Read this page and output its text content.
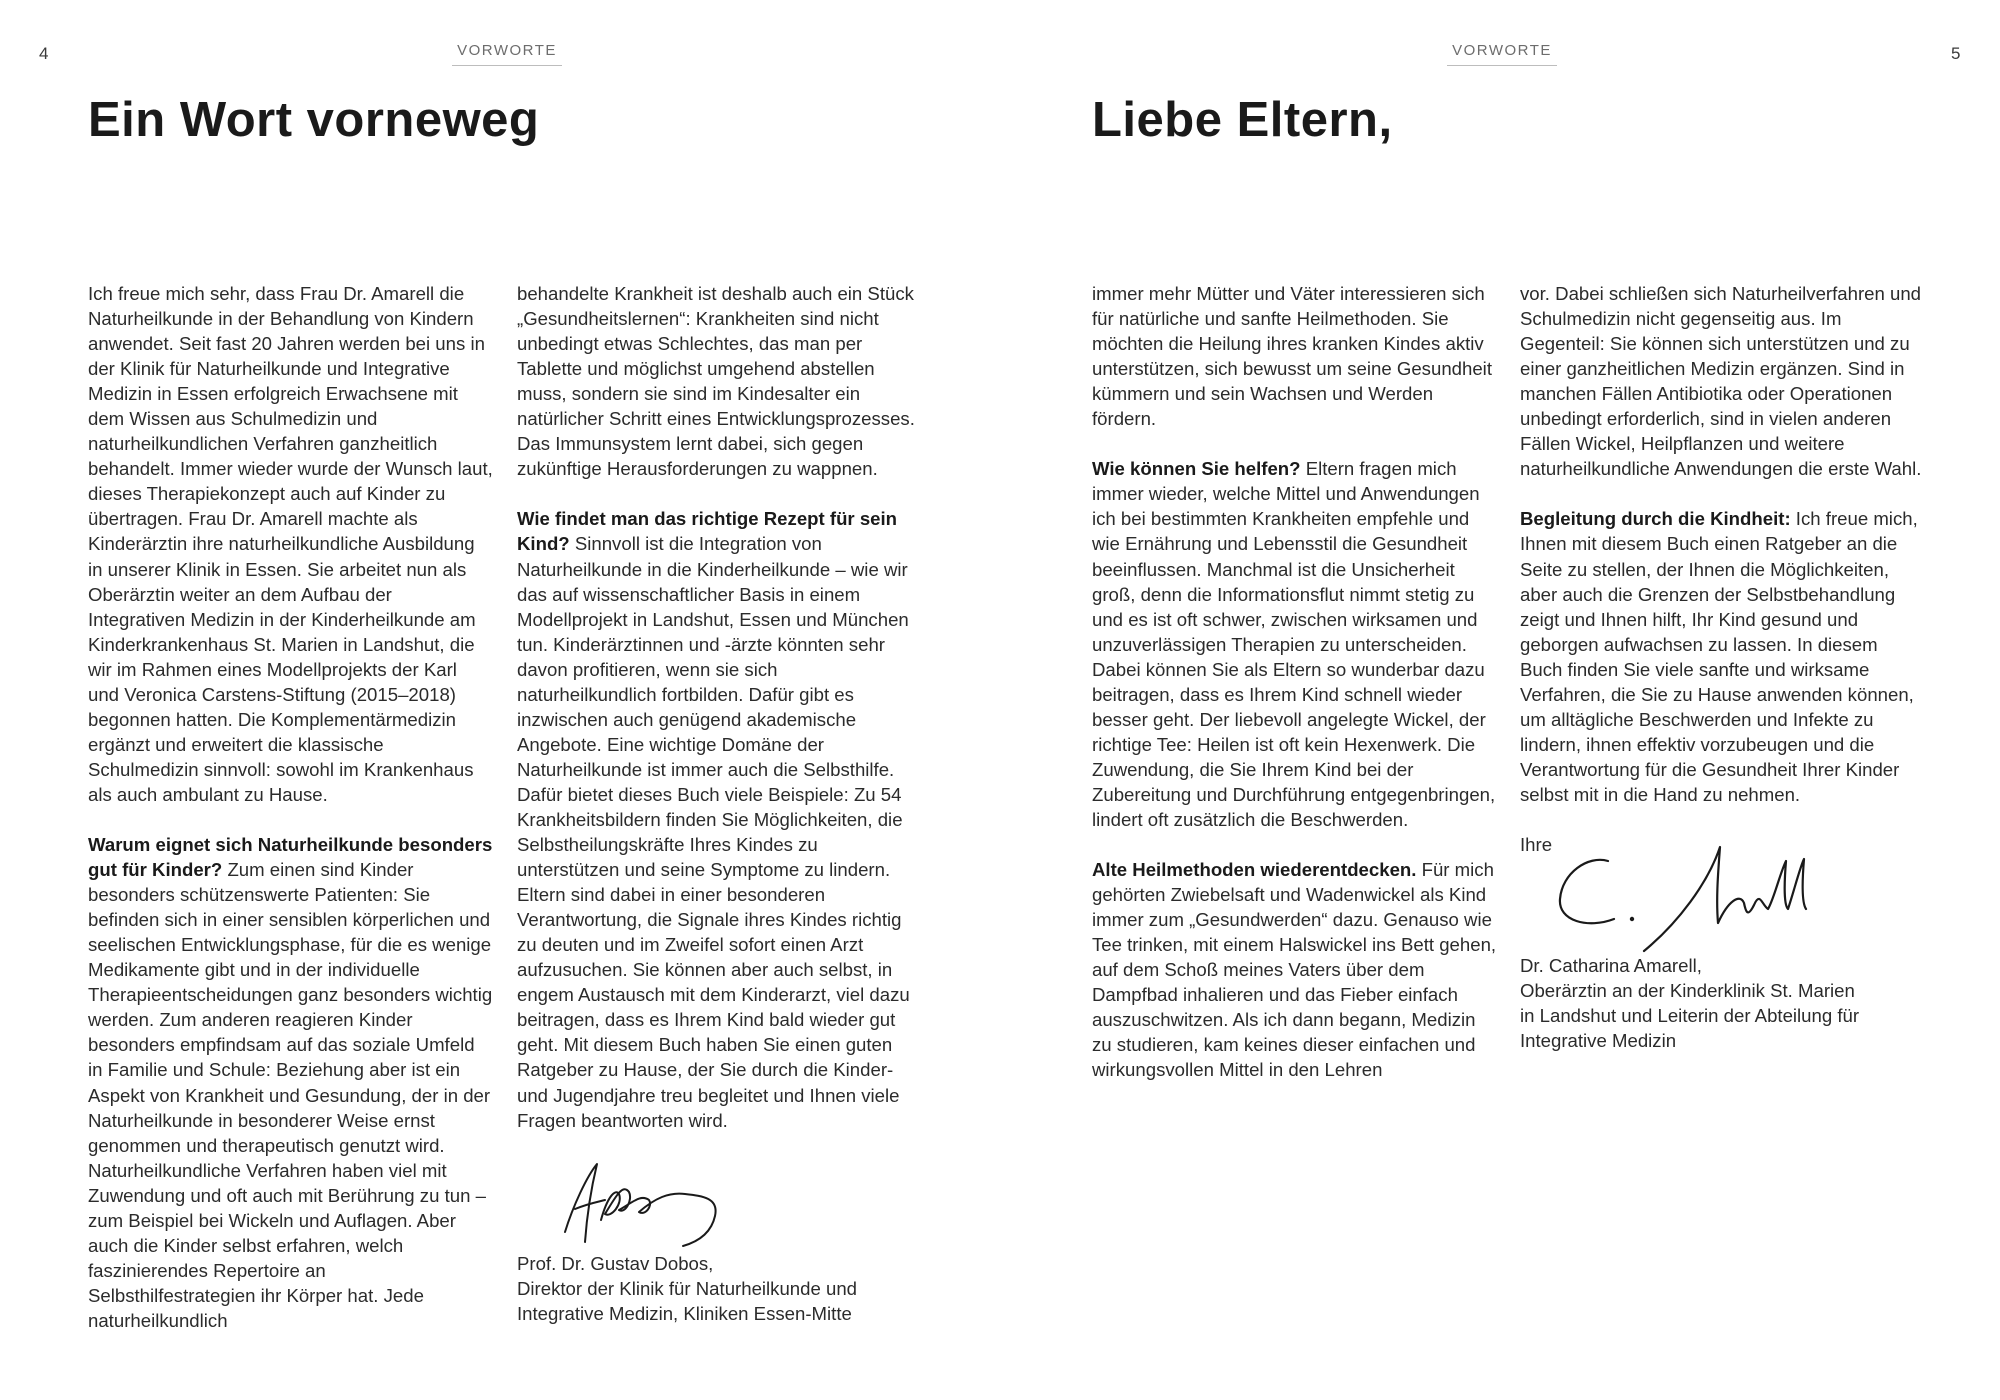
4	VORWORTE
Ein Wort vorneweg

Ich freue mich sehr, dass Frau Dr. Amarell die Naturheilkunde in der Behandlung von Kindern anwendet. Seit fast 20 Jahren werden bei uns in der Klinik für Naturheilkunde und Integrative Medizin in Essen erfolgreich Erwachsene mit dem Wissen aus Schulmedizin und naturheilkundlichen Verfahren ganzheitlich behandelt. Immer wieder wurde der Wunsch laut, dieses Therapiekonzept auch auf Kinder zu übertragen. Frau Dr. Amarell machte als Kinderärztin ihre naturheilkundliche Ausbildung in unserer Klinik in Essen. Sie arbeitet nun als Oberärztin weiter an dem Aufbau der Integrativen Medizin in der Kinderheilkunde am Kinderkrankenhaus St. Marien in Landshut, die wir im Rahmen eines Modellprojekts der Karl und Veronica Carstens-Stiftung (2015–2018) begonnen hatten. Die Komplementärmedizin ergänzt und erweitert die klassische Schulmedizin sinnvoll: sowohl im Krankenhaus als auch ambulant zu Hause.

Warum eignet sich Naturheilkunde besonders gut für Kinder? Zum einen sind Kinder besonders schützenswerte Patienten: Sie befinden sich in einer sensiblen körperlichen und seelischen Entwicklungsphase, für die es wenige Medikamente gibt und in der individuelle Therapieentscheidungen ganz besonders wichtig werden. Zum anderen reagieren Kinder besonders empfindsam auf das soziale Umfeld in Familie und Schule: Beziehung aber ist ein Aspekt von Krankheit und Gesundung, der in der Naturheilkunde in besonderer Weise ernst genommen und therapeutisch genutzt wird. Naturheilkundliche Verfahren haben viel mit Zuwendung und oft auch mit Berührung zu tun – zum Beispiel bei Wickeln und Auflagen. Aber auch die Kinder selbst erfahren, welch faszinierendes Repertoire an Selbsthilfestrategien ihr Körper hat. Jede naturheilkundlich

behandelte Krankheit ist deshalb auch ein Stück „Gesundheitslernen“: Krankheiten sind nicht unbedingt etwas Schlechtes, das man per Tablette und möglichst umgehend abstellen muss, sondern sie sind im Kindesalter ein natürlicher Schritt eines Entwicklungsprozesses. Das Immunsystem lernt dabei, sich gegen zukünftige Herausforderungen zu wappnen.

Wie findet man das richtige Rezept für sein Kind? Sinnvoll ist die Integration von Naturheilkunde in die Kinderheilkunde – wie wir das auf wissenschaftlicher Basis in einem Modellprojekt in Landshut, Essen und München tun. Kinderärztinnen und -ärzte könnten sehr davon profitieren, wenn sie sich naturheilkundlich fortbilden. Dafür gibt es inzwischen auch genügend akademische Angebote. Eine wichtige Domäne der Naturheilkunde ist immer auch die Selbsthilfe. Dafür bietet dieses Buch viele Beispiele: Zu 54 Krankheitsbildern finden Sie Möglichkeiten, die Selbstheilungskräfte Ihres Kindes zu unterstützen und seine Symptome zu lindern. Eltern sind dabei in einer besonderen Verantwortung, die Signale ihres Kindes richtig zu deuten und im Zweifel sofort einen Arzt aufzusuchen. Sie können aber auch selbst, in engem Austausch mit dem Kinderarzt, viel dazu beitragen, dass es Ihrem Kind bald wieder gut geht. Mit diesem Buch haben Sie einen guten Ratgeber zu Hause, der Sie durch die Kinder- und Jugendjahre treu begleitet und Ihnen viele Fragen beantworten wird.

Prof. Dr. Gustav Dobos,
Direktor der Klinik für Naturheilkunde und
Integrative Medizin, Kliniken Essen-Mitte

VORWORTE	5
Liebe Eltern,

immer mehr Mütter und Väter interessieren sich für natürliche und sanfte Heilmethoden. Sie möchten die Heilung ihres kranken Kindes aktiv unterstützen, sich bewusst um seine Gesundheit kümmern und sein Wachsen und Werden fördern.

Wie können Sie helfen? Eltern fragen mich immer wieder, welche Mittel und Anwendungen ich bei bestimmten Krankheiten empfehle und wie Ernährung und Lebensstil die Gesundheit beeinflussen. Manchmal ist die Unsicherheit groß, denn die Informationsflut nimmt stetig zu und es ist oft schwer, zwischen wirksamen und unzuverlässigen Therapien zu unterscheiden. Dabei können Sie als Eltern so wunderbar dazu beitragen, dass es Ihrem Kind schnell wieder besser geht. Der liebevoll angelegte Wickel, der richtige Tee: Heilen ist oft kein Hexenwerk. Die Zuwendung, die Sie Ihrem Kind bei der Zubereitung und Durchführung entgegenbringen, lindert oft zusätzlich die Beschwerden.

Alte Heilmethoden wiederentdecken. Für mich gehörten Zwiebelsaft und Wadenwickel als Kind immer zum „Gesundwerden“ dazu. Genauso wie Tee trinken, mit einem Halswickel ins Bett gehen, auf dem Schoß meines Vaters über dem Dampfbad inhalieren und das Fieber einfach auszuschwitzen. Als ich dann begann, Medizin zu studieren, kam keines dieser einfachen und wirkungsvollen Mittel in den Lehren

vor. Dabei schließen sich Naturheilverfahren und Schulmedizin nicht gegenseitig aus. Im Gegenteil: Sie können sich unterstützen und zu einer ganzheitlichen Medizin ergänzen. Sind in manchen Fällen Antibiotika oder Operationen unbedingt erforderlich, sind in vielen anderen Fällen Wickel, Heilpflanzen und weitere naturheilkundliche Anwendungen die erste Wahl.

Begleitung durch die Kindheit: Ich freue mich, Ihnen mit diesem Buch einen Ratgeber an die Seite zu stellen, der Ihnen die Möglichkeiten, aber auch die Grenzen der Selbstbehandlung zeigt und Ihnen hilft, Ihr Kind gesund und geborgen aufwachsen zu lassen. In diesem Buch finden Sie viele sanfte und wirksame Verfahren, die Sie zu Hause anwenden können, um alltägliche Beschwerden und Infekte zu lindern, ihnen effektiv vorzubeugen und die Verantwortung für die Gesundheit Ihrer Kinder selbst mit in die Hand zu nehmen.

Ihre

Dr. Catharina Amarell,
Oberärztin an der Kinderklinik St. Marien
in Landshut und Leiterin der Abteilung für
Integrative Medizin
